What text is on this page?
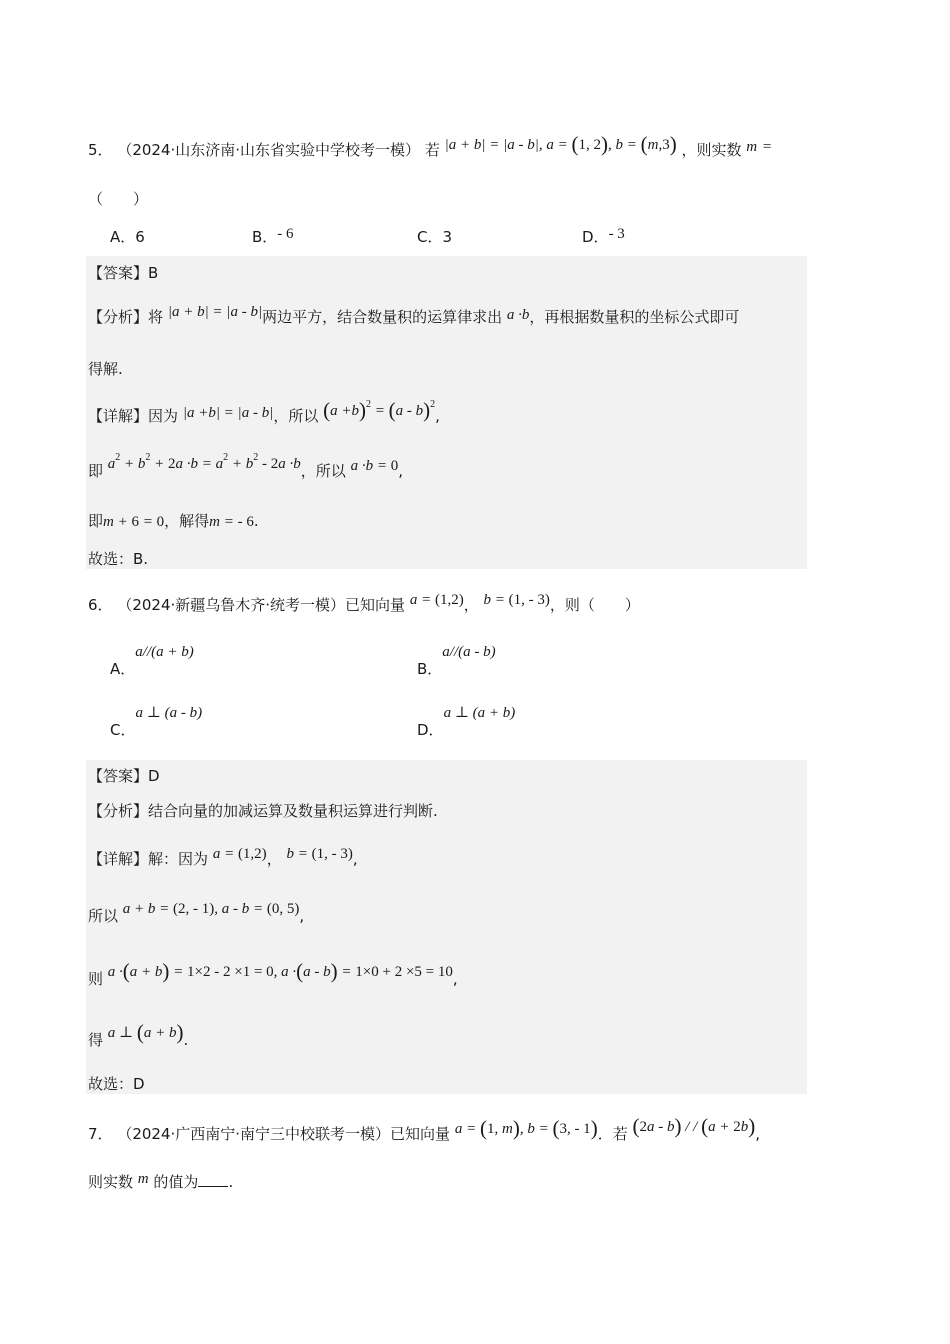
5． （2024·山东济南·山东省实验中学校考一模） 若 |a + b| = |a - b|, a = (1, 2), b = (m,3) ，则实数 m =
（　　）
A．6	B．- 6	C．3	D．- 3
【答案】B
【分析】将 |a + b| = |a - b|两边平方，结合数量积的运算律求出 a ·b，再根据数量积的坐标公式即可
得解.
【详解】因为 |a +b| = |a - b|，所以 $(a +b)^2 = (a - b)^2$,
即 $a^2 + b^2 + 2a \cdot b = a^2 + b^2 - 2a \cdot b$，所以 a ·b = 0,
即m + 6 = 0，解得m = - 6.
故选：B.
6． （2024·新疆乌鲁木齐·统考一模）已知向量 a = (1,2)， b = (1, - 3)，则（　　）
A．a//(a + b)
B．a//(a - b)
C．a ⊥ (a - b)
D．a ⊥ (a + b)
【答案】D
【分析】结合向量的加减运算及数量积运算进行判断.
【详解】解：因为 a = (1,2)， b = (1, - 3),
所以 a + b = (2, - 1), a - b = (0, 5),
则 a ·(a + b) = 1×2 - 2 ×1 = 0, a ·(a - b) = 1×0 + 2 ×5 = 10,
得 a ⊥ (a + b).
故选：D
7． （2024·广西南宁·南宁三中校联考一模）已知向量 a = (1, m), b = (3, - 1)．若 (2a - b) / / (a + 2b),
则实数 m 的值为 .
